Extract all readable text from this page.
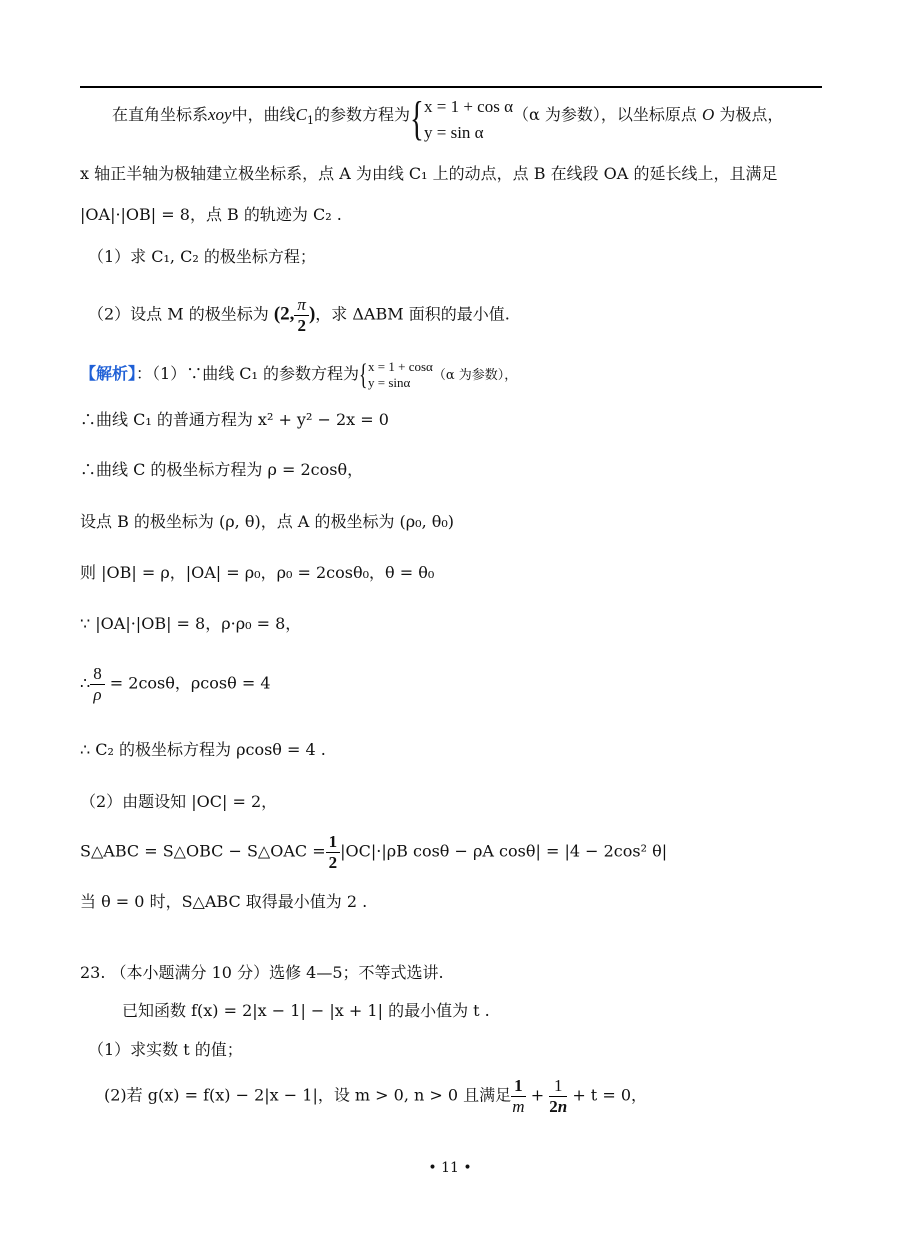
在直角坐标系xoy中，曲线$C_1$的参数方程为 { x = 1 + cos α
y = sin α
（α 为参数），以坐标原点 O 为极点，
x 轴正半轴为极轴建立极坐标系，点 A 为由线 C₁ 上的动点，点 B 在线段 OA 的延长线上，且满足
|OA|·|OB| = 8，点 B 的轨迹为 C₂ .
（1）求 C₁, C₂ 的极坐标方程；
（2）设点 M 的极坐标为 (2, $\frac{\pi}{2}$ )，求 ΔABM 面积的最小值.
【解析】：（1）∵曲线 C₁ 的参数方程为 { x = 1 + cosα
y = sinα	（α 为参数），
∴曲线 C₁ 的普通方程为 x² + y² − 2x = 0
∴曲线 C 的极坐标方程为 ρ = 2cosθ，
设点 B 的极坐标为 (ρ, θ)，点 A 的极坐标为 (ρ₀, θ₀)
则 |OB| = ρ，|OA| = ρ₀，ρ₀ = 2cosθ₀，θ = θ₀
∵ |OA|·|OB| = 8，ρ·ρ₀ = 8，
∴ $\frac{8}{\rho} = 2\cos\theta$，ρcosθ = 4
∴ C₂ 的极坐标方程为 ρcosθ = 4 .
（2）由题设知 |OC| = 2，
S△ABC = S△OBC − S△OAC = $\frac{1}{2} |OC|\cdot|\rho B$ cosθ − ρA cosθ| = |4 − 2cos² θ|
当 θ = 0 时，S△ABC 取得最小值为 2 .
23. （本小题满分 10 分）选修 4—5；不等式选讲.
已知函数 f(x) = 2|x − 1| − |x + 1| 的最小值为 t .
（1）求实数 t 的值；
(2)若 g(x) = f(x) − 2|x − 1|，设 m > 0, n > 0 且满足 $\frac{1}{m} + \frac{1}{2n} + t = 0$，
• 11 •
